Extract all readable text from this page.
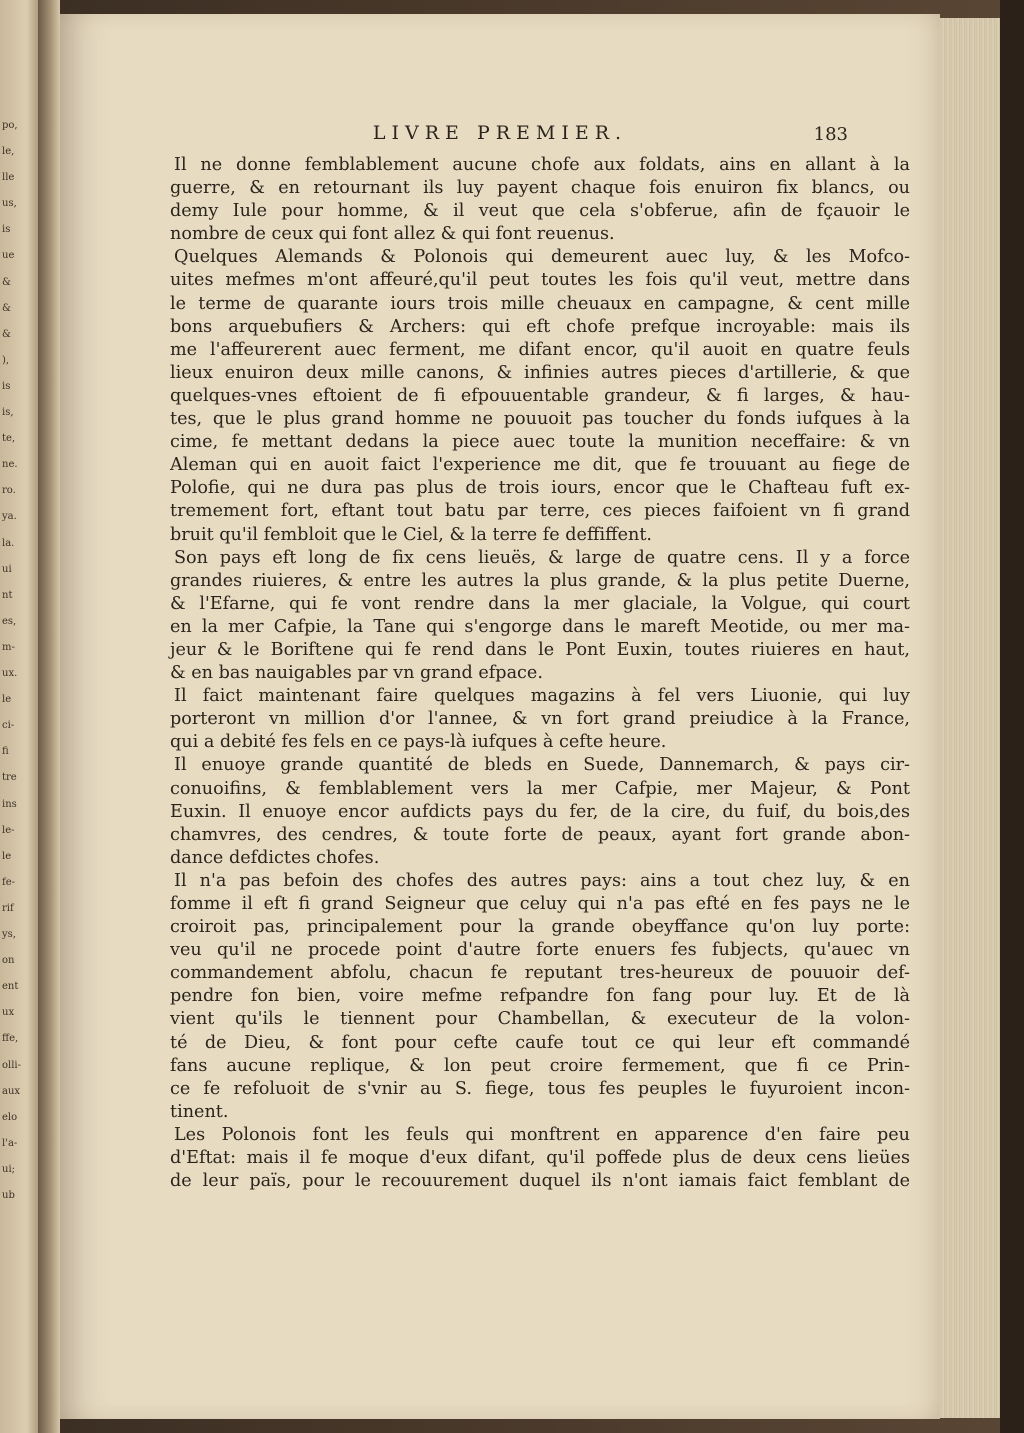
po,
le,
lle
us,
is
ue
&
&
&
),
is
is,
te,
ne.
ro.
ya.
la.
ui
nt
es,
m-
ux.
le
ci-
fi
tre
ins
le-
le
fe-
rif
ys,
on
ent
ux
ffe,
olli-
aux
elo
l'a-
ui;
ub
LIVRE PREMIER.	183
Il ne donne femblablement aucune chofe aux foldats, ains en allant à la
guerre, & en retournant ils luy payent chaque fois enuiron fix blancs, ou
demy Iule pour homme, & il veut que cela s'obferue, afin de fçauoir le
nombre de ceux qui font allez & qui font reuenus.
Quelques Alemands & Polonois qui demeurent auec luy, & les Mofco-
uites mefmes m'ont affeuré,qu'il peut toutes les fois qu'il veut, mettre dans
le terme de quarante iours trois mille cheuaux en campagne, & cent mille
bons arquebufiers & Archers: qui eft chofe prefque incroyable: mais ils
me l'affeurerent auec ferment, me difant encor, qu'il auoit en quatre feuls
lieux enuiron deux mille canons, & infinies autres pieces d'artillerie, & que
quelques-vnes eftoient de fi efpouuentable grandeur, & fi larges, & hau-
tes, que le plus grand homme ne pouuoit pas toucher du fonds iufques à la
cime, fe mettant dedans la piece auec toute la munition neceffaire: & vn
Aleman qui en auoit faict l'experience me dit, que fe trouuant au fiege de
Polofie, qui ne dura pas plus de trois iours, encor que le Chafteau fuft ex-
tremement fort, eftant tout batu par terre, ces pieces faifoient vn fi grand
bruit qu'il fembloit que le Ciel, & la terre fe deffiffent.
Son pays eft long de fix cens lieuës, & large de quatre cens. Il y a force
grandes riuieres, & entre les autres la plus grande, & la plus petite Duerne,
& l'Efarne, qui fe vont rendre dans la mer glaciale, la Volgue, qui court
en la mer Cafpie, la Tane qui s'engorge dans le mareft Meotide, ou mer ma-
jeur & le Boriftene qui fe rend dans le Pont Euxin, toutes riuieres en haut,
& en bas nauigables par vn grand efpace.
Il faict maintenant faire quelques magazins à fel vers Liuonie, qui luy
porteront vn million d'or l'annee, & vn fort grand preiudice à la France,
qui a debité fes fels en ce pays-là iufques à cefte heure.
Il enuoye grande quantité de bleds en Suede, Dannemarch, & pays cir-
conuoifins, & femblablement vers la mer Cafpie, mer Majeur, & Pont
Euxin. Il enuoye encor aufdicts pays du fer, de la cire, du fuif, du bois,des
chamvres, des cendres, & toute forte de peaux, ayant fort grande abon-
dance defdictes chofes.
Il n'a pas befoin des chofes des autres pays: ains a tout chez luy, & en
fomme il eft fi grand Seigneur que celuy qui n'a pas efté en fes pays ne le
croiroit pas, principalement pour la grande obeyffance qu'on luy porte:
veu qu'il ne procede point d'autre forte enuers fes fubjects, qu'auec vn
commandement abfolu, chacun fe reputant tres-heureux de pouuoir def-
pendre fon bien, voire mefme refpandre fon fang pour luy. Et de là
vient qu'ils le tiennent pour Chambellan, & executeur de la volon-
té de Dieu, & font pour cefte caufe tout ce qui leur eft commandé
fans aucune replique, & lon peut croire fermement, que fi ce Prin-
ce fe refoluoit de s'vnir au S. fiege, tous fes peuples le fuyuroient incon-
tinent.
Les Polonois font les feuls qui monftrent en apparence d'en faire peu
d'Eftat: mais il fe moque d'eux difant, qu'il poffede plus de deux cens lieües
de leur païs, pour le recouurement duquel ils n'ont iamais faict femblant de
